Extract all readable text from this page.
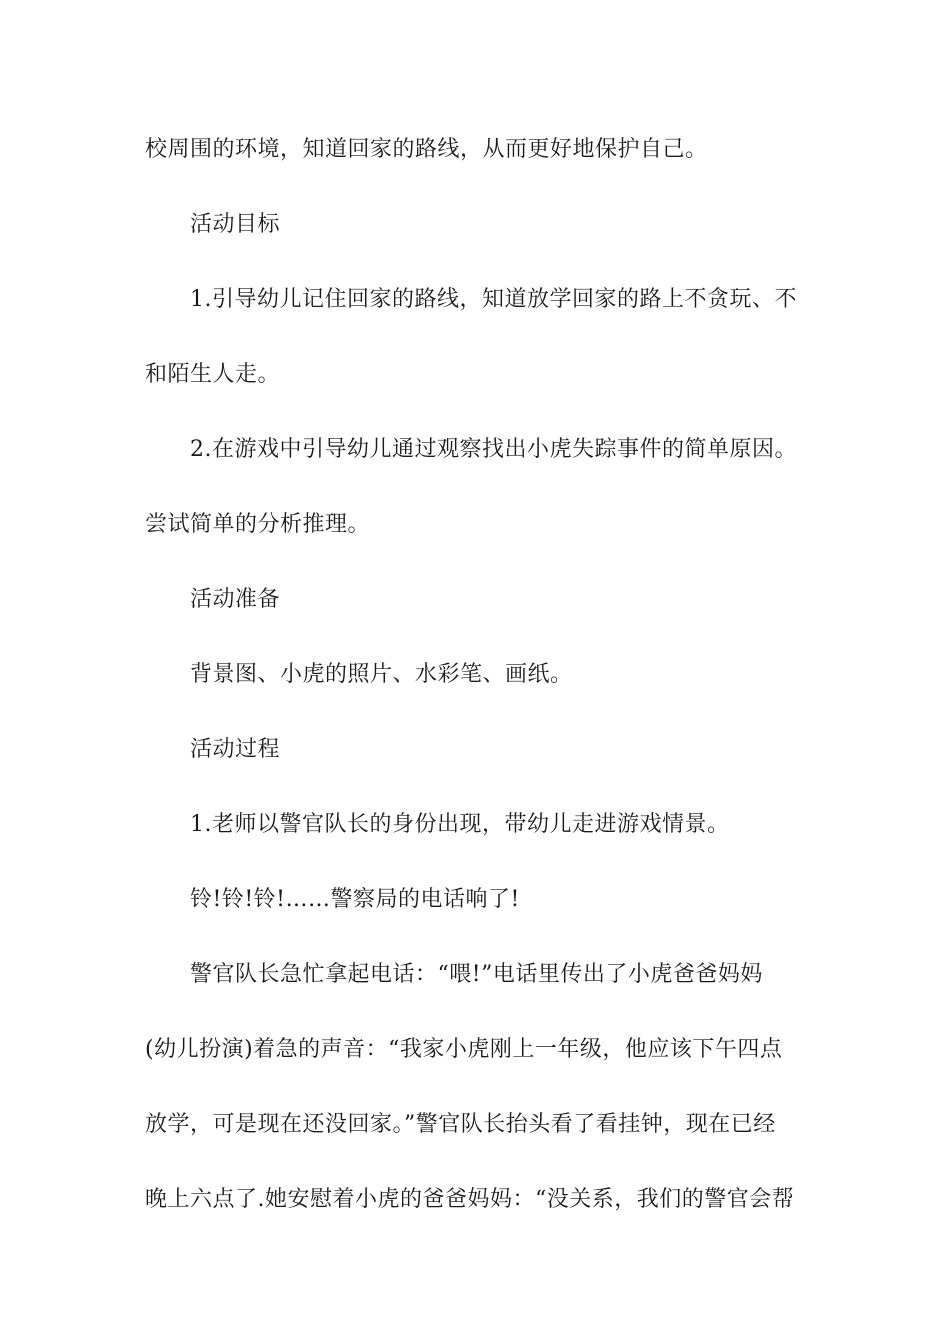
校周围的环境，知道回家的路线，从而更好地保护自己。
活动目标
1.引导幼儿记住回家的路线，知道放学回家的路上不贪玩、不
和陌生人走。
2.在游戏中引导幼儿通过观察找出小虎失踪事件的简单原因。
尝试简单的分析推理。
活动准备
背景图、小虎的照片、水彩笔、画纸。
活动过程
1.老师以警官队长的身份出现，带幼儿走进游戏情景。
铃!铃!铃!……警察局的电话响了!
警官队长急忙拿起电话：“喂!”电话里传出了小虎爸爸妈妈
(幼儿扮演)着急的声音：“我家小虎刚上一年级，他应该下午四点
放学，可是现在还没回家。”警官队长抬头看了看挂钟，现在已经
晚上六点了.她安慰着小虎的爸爸妈妈：“没关系，我们的警官会帮
